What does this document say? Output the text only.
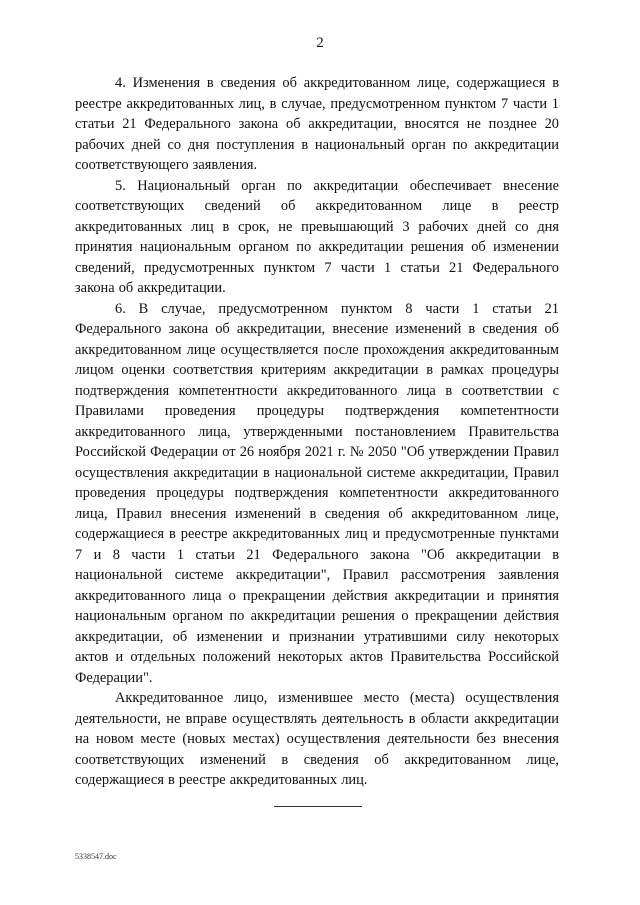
2

4. Изменения в сведения об аккредитованном лице, содержащиеся в реестре аккредитованных лиц, в случае, предусмотренном пунктом 7 части 1 статьи 21 Федерального закона об аккредитации, вносятся не позднее 20 рабочих дней со дня поступления в национальный орган по аккредитации соответствующего заявления.

5. Национальный орган по аккредитации обеспечивает внесение соответствующих сведений об аккредитованном лице в реестр аккредитованных лиц в срок, не превышающий 3 рабочих дней со дня принятия национальным органом по аккредитации решения об изменении сведений, предусмотренных пунктом 7 части 1 статьи 21 Федерального закона об аккредитации.

6. В случае, предусмотренном пунктом 8 части 1 статьи 21 Федерального закона об аккредитации, внесение изменений в сведения об аккредитованном лице осуществляется после прохождения аккредитованным лицом оценки соответствия критериям аккредитации в рамках процедуры подтверждения компетентности аккредитованного лица в соответствии с Правилами проведения процедуры подтверждения компетентности аккредитованного лица, утвержденными постановлением Правительства Российской Федерации от 26 ноября 2021 г. № 2050 "Об утверждении Правил осуществления аккредитации в национальной системе аккредитации, Правил проведения процедуры подтверждения компетентности аккредитованного лица, Правил внесения изменений в сведения об аккредитованном лице, содержащиеся в реестре аккредитованных лиц и предусмотренные пунктами 7 и 8 части 1 статьи 21 Федерального закона "Об аккредитации в национальной системе аккредитации", Правил рассмотрения заявления аккредитованного лица о прекращении действия аккредитации и принятия национальным органом по аккредитации решения о прекращении действия аккредитации, об изменении и признании утратившими силу некоторых актов и отдельных положений некоторых актов Правительства Российской Федерации".

Аккредитованное лицо, изменившее место (места) осуществления деятельности, не вправе осуществлять деятельность в области аккредитации на новом месте (новых местах) осуществления деятельности без внесения соответствующих изменений в сведения об аккредитованном лице, содержащиеся в реестре аккредитованных лиц.

5338547.doc
